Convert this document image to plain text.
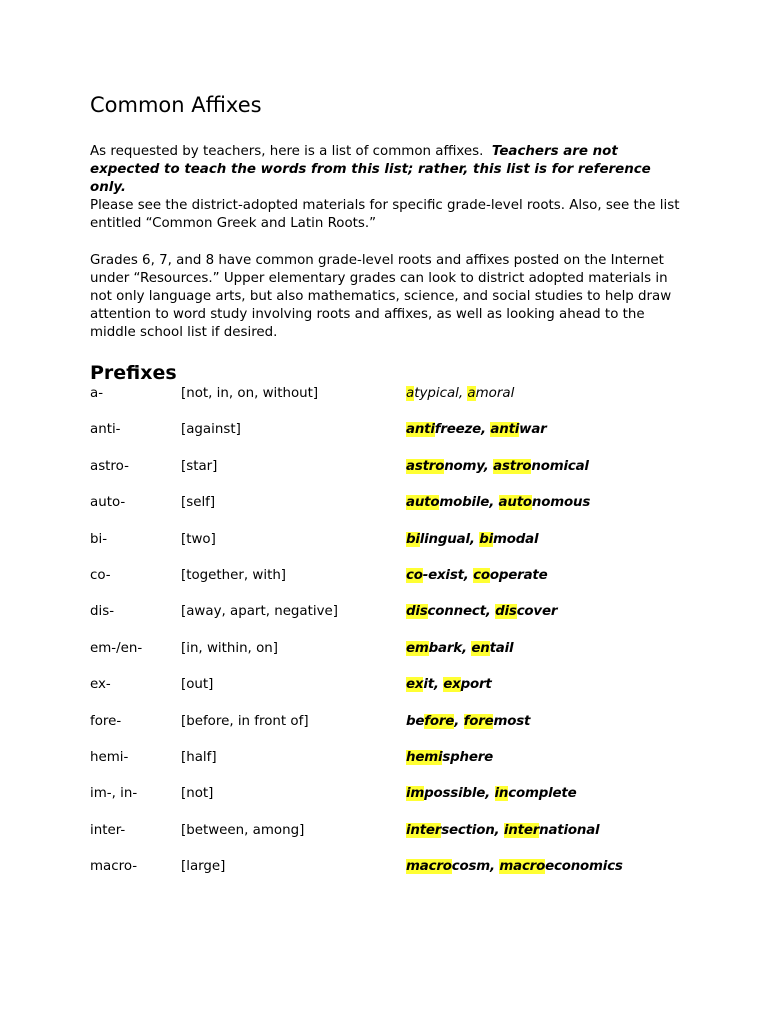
Common Affixes

As requested by teachers, here is a list of common affixes. Teachers are not expected to teach the words from this list; rather, this list is for reference only.

Please see the district-adopted materials for specific grade-level roots. Also, see the list entitled “Common Greek and Latin Roots.”

Grades 6, 7, and 8 have common grade-level roots and affixes posted on the Internet under “Resources.” Upper elementary grades can look to district adopted materials in not only language arts, but also mathematics, science, and social studies to help draw attention to word study involving roots and affixes, as well as looking ahead to the middle school list if desired.

Prefixes
a-	[not, in, on, without]	atypical, amoral
anti-	[against]	antifreeze, antiwar
astro-	[star]	astronomy, astronomical
auto-	[self]	automobile, autonomous
bi-	[two]	bilingual, bimodal
co-	[together, with]	co-exist, cooperate
dis-	[away, apart, negative]	disconnect, discover
em-/en-	[in, within, on]	embark, entail
ex-	[out]	exit, export
fore-	[before, in front of]	before, foremost
hemi-	[half]	hemisphere
im-, in-	[not]	impossible, incomplete
inter-	[between, among]	intersection, international
macro-	[large]	macrocosm, macroeconomics
